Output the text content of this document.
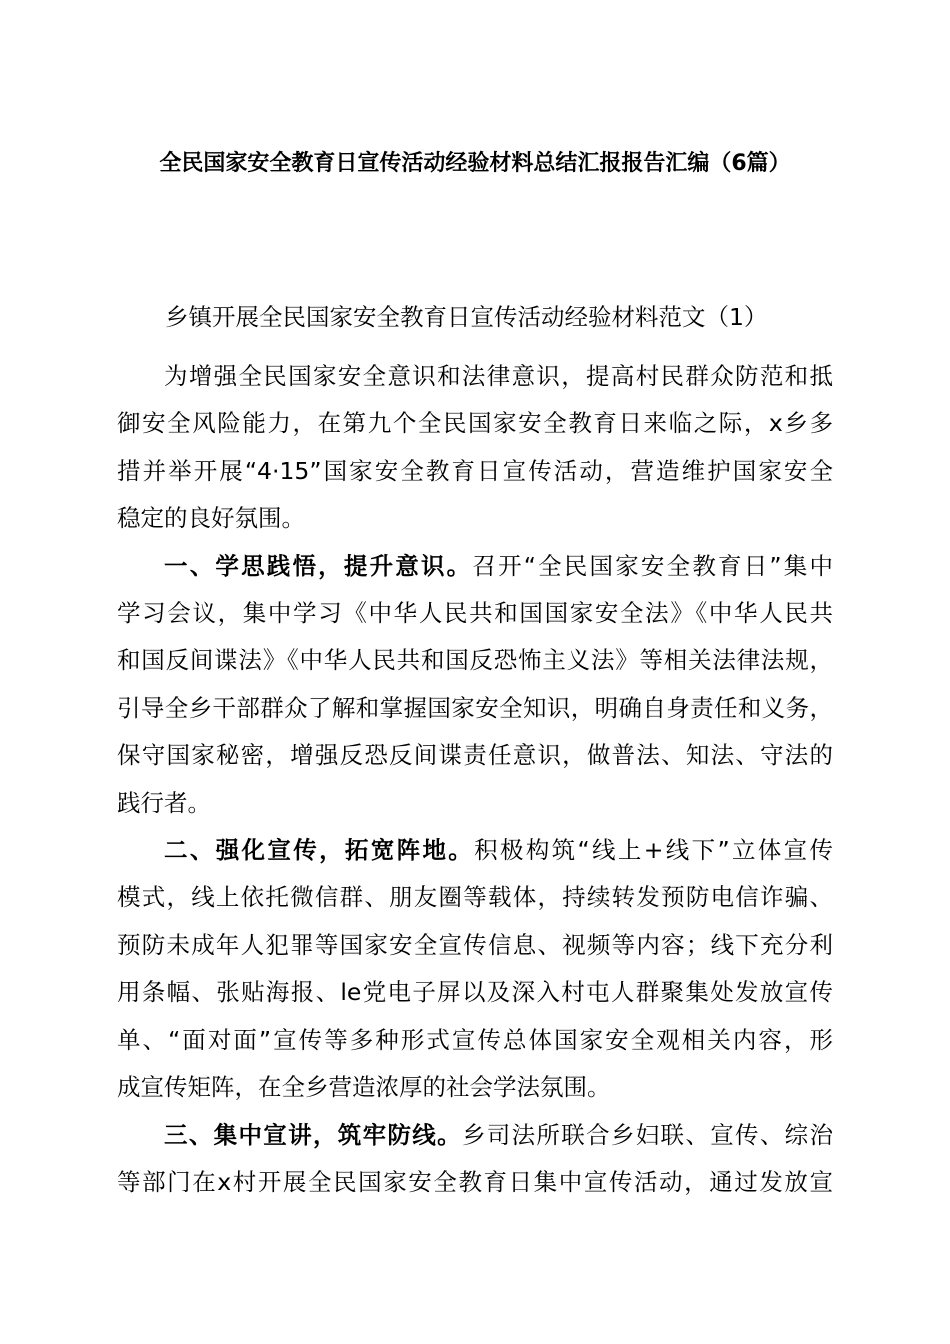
全民国家安全教育日宣传活动经验材料总结汇报报告汇编（6篇）

乡镇开展全民国家安全教育日宣传活动经验材料范文（1）

为增强全民国家安全意识和法律意识，提高村民群众防范和抵
御安全风险能力，在第九个全民国家安全教育日来临之际，x乡多
措并举开展“4·15”国家安全教育日宣传活动，营造维护国家安全
稳定的良好氛围。

一、学思践悟，提升意识。召开“全民国家安全教育日”集中
学习会议，集中学习《中华人民共和国国家安全法》《中华人民共
和国反间谍法》《中华人民共和国反恐怖主义法》等相关法律法规，
引导全乡干部群众了解和掌握国家安全知识，明确自身责任和义务，
保守国家秘密，增强反恐反间谍责任意识，做普法、知法、守法的
践行者。

二、强化宣传，拓宽阵地。积极构筑“线上+线下”立体宣传
模式，线上依托微信群、朋友圈等载体，持续转发预防电信诈骗、
预防未成年人犯罪等国家安全宣传信息、视频等内容；线下充分利
用条幅、张贴海报、le党电子屏以及深入村屯人群聚集处发放宣传
单、“面对面”宣传等多种形式宣传总体国家安全观相关内容，形
成宣传矩阵，在全乡营造浓厚的社会学法氛围。

三、集中宣讲，筑牢防线。乡司法所联合乡妇联、宣传、综治
等部门在x村开展全民国家安全教育日集中宣传活动，通过发放宣
